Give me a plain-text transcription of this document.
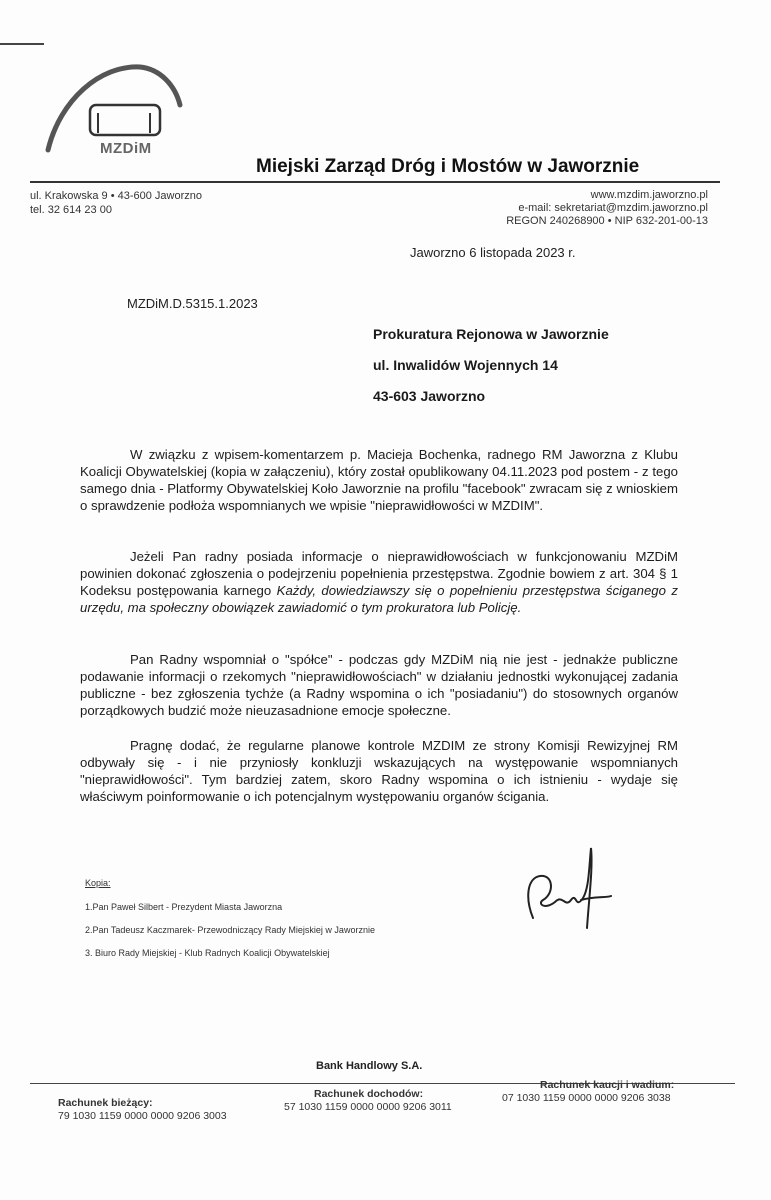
MZDiM
Miejski Zarząd Dróg i Mostów w Jaworznie
ul. Krakowska 9 • 43-600 Jaworzno
tel. 32 614 23 00
www.mzdim.jaworzno.pl
e-mail: sekretariat@mzdim.jaworzno.pl
REGON 240268900 • NIP 632-201-00-13
Jaworzno 6 listopada 2023 r.
MZDiM.D.5315.1.2023
Prokuratura Rejonowa w Jaworznie
ul. Inwalidów Wojennych 14
43-603 Jaworzno

W związku z wpisem-komentarzem p. Macieja Bochenka, radnego RM Jaworzna z Klubu Koalicji Obywatelskiej (kopia w załączeniu), który został opublikowany 04.11.2023 pod postem - z tego samego dnia - Platformy Obywatelskiej Koło Jaworznie na profilu "facebook" zwracam się z wnioskiem o sprawdzenie podłoża wspomnianych we wpisie "nieprawidłowości w MZDIM".

Jeżeli Pan radny posiada informacje o nieprawidłowościach w funkcjonowaniu MZDiM powinien dokonać zgłoszenia o podejrzeniu popełnienia przestępstwa. Zgodnie bowiem z art. 304 § 1 Kodeksu postępowania karnego Każdy, dowiedziawszy się o popełnieniu przestępstwa ściganego z urzędu, ma społeczny obowiązek zawiadomić o tym prokuratora lub Policję.

Pan Radny wspomniał o "spółce" - podczas gdy MZDiM nią nie jest - jednakże publiczne podawanie informacji o rzekomych "nieprawidłowościach" w działaniu jednostki wykonującej zadania publiczne - bez zgłoszenia tychże (a Radny wspomina o ich "posiadaniu") do stosownych organów porządkowych budzić może nieuzasadnione emocje społeczne.

Pragnę dodać, że regularne planowe kontrole MZDIM ze strony Komisji Rewizyjnej RM odbywały się - i nie przyniosły konkluzji wskazujących na występowanie wspomnianych "nieprawidłowości". Tym bardziej zatem, skoro Radny wspomina o ich istnieniu - wydaje się właściwym poinformowanie o ich potencjalnym występowaniu organów ścigania.

Kopia:
1.Pan Paweł Silbert - Prezydent Miasta Jaworzna
2.Pan Tadeusz Kaczmarek- Przewodniczący Rady Miejskiej w Jaworznie
3. Biuro Rady Miejskiej - Klub Radnych Koalicji Obywatelskiej
Bank Handlowy S.A.
Rachunek bieżący:
79 1030 1159 0000 0000 9206 3003
Rachunek dochodów:
57 1030 1159 0000 0000 9206 3011
Rachunek kaucji i wadium:
07 1030 1159 0000 0000 9206 3038
